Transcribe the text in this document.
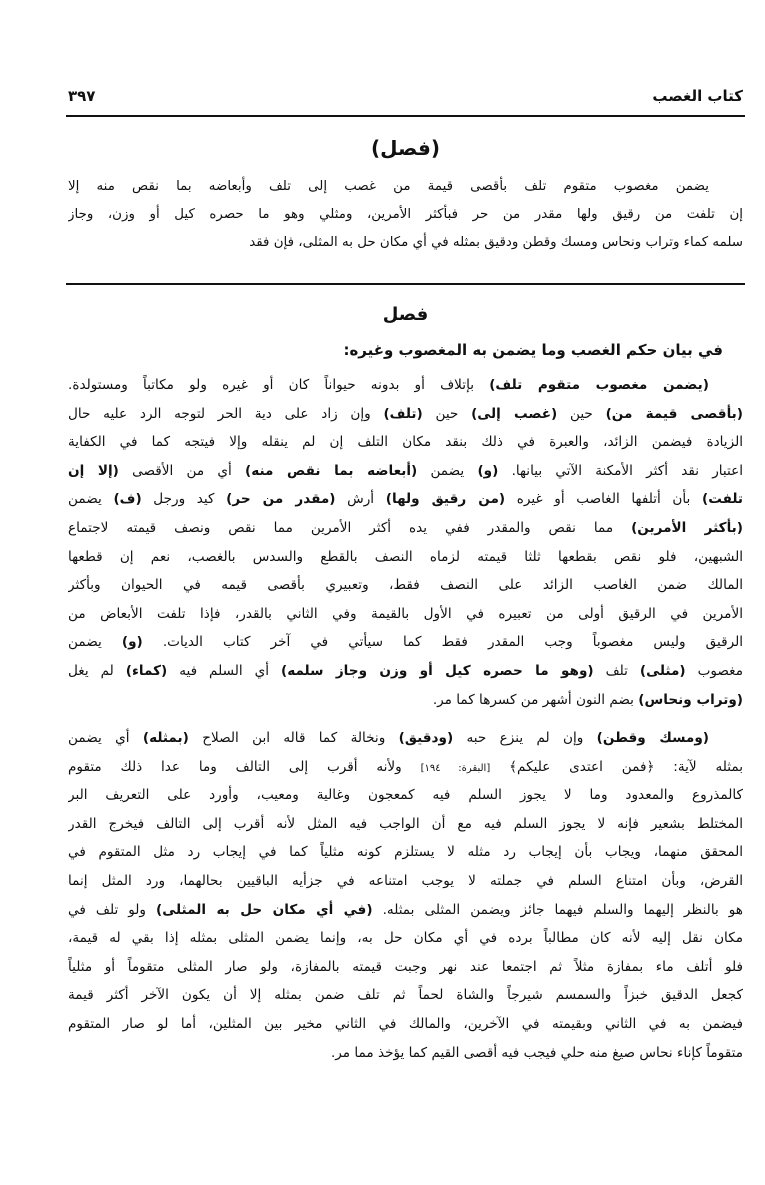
كتاب الغصب
٣٩٧
(فصل)
يضمن مغصوب متقوم تلف بأقصى قيمة من غصب إلى تلف وأبعاضه بما نقص منه إلا
إن تلفت من رقيق ولها مقدر من حر فبأكثر الأمرين، ومثلي وهو ما حصره كيل أو وزن، وجاز
سلمه كماء وتراب ونحاس ومسك وقطن ودقيق بمثله في أي مكان حل به المثلى، فإن فقد
فصل
في بيان حكم الغصب وما يضمن به المغصوب وغيره:
(يضمن مغصوب متقوم تلف) بإتلاف أو بدونه حيواناً كان أو غيره ولو مكاتباً ومستولدة.
(بأقصى قيمة من) حين (غصب إلى) حين (تلف) وإن زاد على دية الحر لتوجه الرد عليه حال
الزيادة فيضمن الزائد، والعبرة في ذلك بنقد مكان التلف إن لم ينقله وإلا فيتجه كما في الكفاية
اعتبار نقد أكثر الأمكنة الآتي بيانها. (و) يضمن (أبعاضه بما نقص منه) أي من الأقصى (إلا إن
تلفت) بأن أتلفها الغاصب أو غيره (من رقيق ولها) أرش (مقدر من حر) كيد ورجل (ف) يضمن
(بأكثر الأمرين) مما نقص والمقدر ففي يده أكثر الأمرين مما نقص ونصف قيمته لاجتماع
الشبهين، فلو نقص بقطعها ثلثا قيمته لزماه النصف بالقطع والسدس بالغصب، نعم إن قطعها
المالك ضمن الغاصب الزائد على النصف فقط، وتعبيري بأقصى قيمه في الحيوان وبأكثر
الأمرين في الرقيق أولى من تعبيره في الأول بالقيمة وفي الثاني بالقدر، فإذا تلفت الأبعاض من
الرقيق وليس مغصوباً وجب المقدر فقط كما سيأتي في آخر كتاب الديات. (و) يضمن
مغصوب (مثلى) تلف (وهو ما حصره كيل أو وزن وجاز سلمه) أي السلم فيه (كماء) لم يغل
(وتراب ونحاس) بضم النون أشهر من كسرها كما مر.
(ومسك وقطن) وإن لم ينزع حبه (ودقيق) ونخالة كما قاله ابن الصلاح (بمثله) أي يضمن
بمثله لآية: ﴿فمن اعتدى عليكم﴾ [البقرة: ١٩٤] ولأنه أقرب إلى التالف وما عدا ذلك متقوم
كالمذروع والمعدود وما لا يجوز السلم فيه كمعجون وغالية ومعيب، وأورد على التعريف البر
المختلط بشعير فإنه لا يجوز السلم فيه مع أن الواجب فيه المثل لأنه أقرب إلى التالف فيخرج القدر
المحقق منهما، ويجاب بأن إيجاب رد مثله لا يستلزم كونه مثلياً كما في إيجاب رد مثل المتقوم في
القرض، وبأن امتناع السلم في جملته لا يوجب امتناعه في جزأيه الباقيين بحالهما، ورد المثل إنما
هو بالنظر إليهما والسلم فيهما جائز ويضمن المثلى بمثله. (في أي مكان حل به المثلى) ولو تلف في
مكان نقل إليه لأنه كان مطالباً برده في أي مكان حل به، وإنما يضمن المثلى بمثله إذا بقي له قيمة،
فلو أتلف ماء بمفازة مثلاً ثم اجتمعا عند نهر وجبت قيمته بالمفازة، ولو صار المثلى متقوماً أو مثلياً
كجعل الدقيق خبزاً والسمسم شيرجاً والشاة لحماً ثم تلف ضمن بمثله إلا أن يكون الآخر أكثر قيمة
فيضمن به في الثاني وبقيمته في الآخرين، والمالك في الثاني مخير بين المثلين، أما لو صار المتقوم
متقوماً كإناء نحاس صيغ منه حلي فيجب فيه أقصى القيم كما يؤخذ مما مر.
